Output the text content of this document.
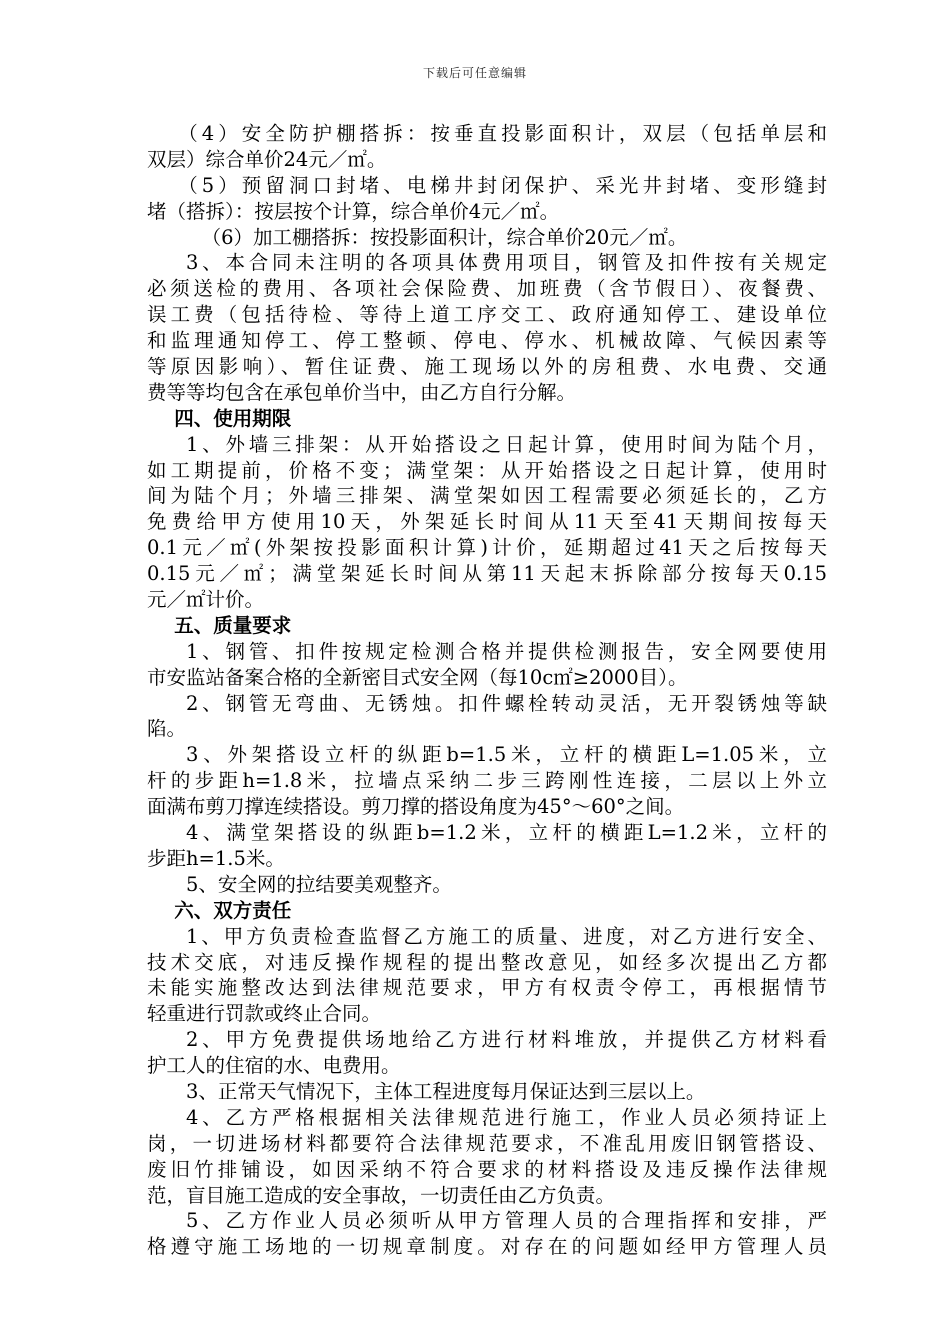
下载后可任意编辑
（4）安全防护棚搭拆：按垂直投影面积计，双层（包括单层和
双层）综合单价24元／㎡。
（5）预留洞口封堵、电梯井封闭保护、采光井封堵、变形缝封
堵（搭拆）：按层按个计算，综合单价4元／㎡。
（6）加工棚搭拆：按投影面积计，综合单价20元／㎡。
3、本合同未注明的各项具体费用项目，钢管及扣件按有关规定
必须送检的费用、各项社会保险费、加班费（含节假日）、夜餐费、
误工费（包括待检、等待上道工序交工、政府通知停工、建设单位
和监理通知停工、停工整顿、停电、停水、机械故障、气候因素等
等原因影响）、暂住证费、施工现场以外的房租费、水电费、交通
费等等均包含在承包单价当中，由乙方自行分解。
四、使用期限
1、外墙三排架：从开始搭设之日起计算，使用时间为陆个月，
如工期提前，价格不变；满堂架：从开始搭设之日起计算，使用时
间为陆个月；外墙三排架、满堂架如因工程需要必须延长的，乙方
免费给甲方使用10天，外架延长时间从11天至41天期间按每天
0.1元／㎡(外架按投影面积计算)计价，延期超过41天之后按每天
0.15元／㎡；满堂架延长时间从第11天起末拆除部分按每天0.15
元／㎡计价。
五、质量要求
1、钢管、扣件按规定检测合格并提供检测报告，安全网要使用
市安监站备案合格的全新密目式安全网（每10c㎡≥2000目）。
2、钢管无弯曲、无锈烛。扣件螺栓转动灵活，无开裂锈烛等缺
陷。
3、外架搭设立杆的纵距b=1.5米，立杆的横距L=1.05米，立
杆的步距h=1.8米，拉墙点采纳二步三跨刚性连接，二层以上外立
面满布剪刀撑连续搭设。剪刀撑的搭设角度为45°～60°之间。
4、满堂架搭设的纵距b=1.2米，立杆的横距L=1.2米，立杆的
步距h=1.5米。
5、安全网的拉结要美观整齐。
六、双方责任
1、甲方负责检查监督乙方施工的质量、进度，对乙方进行安全、
技术交底，对违反操作规程的提出整改意见，如经多次提出乙方都
未能实施整改达到法律规范要求，甲方有权责令停工，再根据情节
轻重进行罚款或终止合同。
2、甲方免费提供场地给乙方进行材料堆放，并提供乙方材料看
护工人的住宿的水、电费用。
3、正常天气情况下，主体工程进度每月保证达到三层以上。
4、乙方严格根据相关法律规范进行施工，作业人员必须持证上
岗，一切进场材料都要符合法律规范要求，不准乱用废旧钢管搭设、
废旧竹排铺设，如因采纳不符合要求的材料搭设及违反操作法律规
范，盲目施工造成的安全事故，一切责任由乙方负责。
5、乙方作业人员必须听从甲方管理人员的合理指挥和安排，严
格遵守施工场地的一切规章制度。对存在的问题如经甲方管理人员
